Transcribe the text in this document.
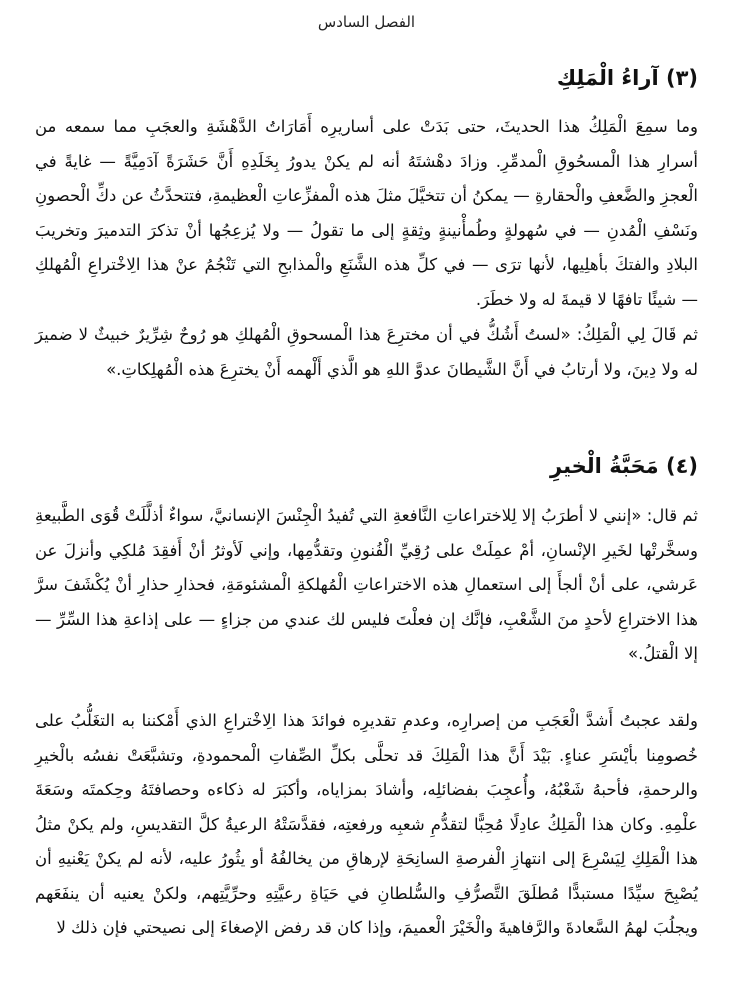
الفصل السادس
(٣) آراءُ الْمَلِكِ

وما سمِعَ الْمَلِكُ هذا الحديثَ، حتى بَدَتْ على أساريرِه أَمَارَاتُ الدَّهْشَةِ والعجَبِ مما سمعه من أسرارِ هذا الْمسحُوقِ الْمدمِّرِ. وزادَ دهْشتَهُ أنه لم يكنْ يدورُ بِخَلَدِهِ أَنَّ حَشَرَةً آدَمِيَّةً — غايةً في الْعجزِ والضَّعفِ والْحقارةِ — يمكنُ أن تتخيَّلَ مثلَ هذه الْمفزِّعاتِ الْعظيمةِ، فتتحدَّثُ عن دكِّ الْحصونِ ونَسْفِ الْمُدنِ — في سُهولةٍ وطُمأْنينةٍ وثِقةٍ إلى ما تقولُ — ولا يُزعِجُها أنْ تذكرَ التدميرَ وتخريبَ البلادِ والفتكَ بأهلِيها، لأنها ترَى — في كلِّ هذه الشَّنَعِ والْمذابحِ التي تَنْجُمُ عنْ هذا الِاخْتراعِ الْمُهلكِ — شيئًا تافهًا لا قيمةَ له ولا خطَرَ.

ثم قَالَ لِي الْمَلِكُ: «لستُ أَشُكُّ في أن مخترِعَ هذا الْمسحوقِ الْمُهلكِ هو رُوحٌ شِرِّيرٌ خبيثٌ لا ضميرَ له ولا دِينَ، ولا أرتابُ في أَنَّ الشَّيطانَ عدوَّ اللهِ هو الَّذي أَلْهمه أَنْ يخترِعَ هذه الْمُهلِكاتِ.»

(٤) مَحَبَّةُ الْخيرِ

ثم قال: «إنني لا أطرَبُ إلا لِلاختراعاتِ النَّافعةِ التي تُفيدُ الْجِنْسَ الإنسانيَّ، سواءٌ أذلَّلَتْ قُوَى الطَّبيعةِ وسخَّرتْها لخَيرِ الإنْسانِ، أمْ عمِلَتْ على رُقِيِّ الْفُنونِ وتقدُّمِها، وإني لَأوثرُ أنْ أَفقِدَ مُلكِي وأنزلَ عن عَرشي، على أنْ ألجأَ إلى استعمالِ هذه الاختراعاتِ الْمُهلكةِ الْمشئومَةِ، فحذارِ حذارِ أنْ يُكْشَفَ سرَّ هذا الاختراعِ لأحدٍ منَ الشَّعْبِ، فإنَّك إن فعلْتَ فليس لك عندي من جزاءٍ — على إذاعةِ هذا السِّرِّ — إلا الْقتلُ.»

ولقد عجبتُ أَشدَّ الْعَجَبِ من إصرارِه، وعدمِ تقديرِه فوائدَ هذا الِاخْتراعِ الذي أَمْكننا به التغَلُّبُ على خُصومِنا بأيْسَرِ عناءٍ. بَيْدَ أَنَّ هذا الْمَلِكَ قد تحلَّى بكلِّ الصِّفاتِ الْمحمودةِ، وتشبَّعَتْ نفسُه بالْخيرِ والرحمةِ، فأحبهُ شَعْبُهُ، وأُعجِبَ بفضائلِه، وأشادَ بمزاياه، وأكبَرَ له ذكاءه وحصافتَهُ وحِكمتَه وسَعَةَ علْمِهِ. وكان هذا الْمَلِكُ عادِلًا مُحِبًّا لتقدُّمِ شعبِه ورفعتِه، فقدَّسَتْهُ الرعيةُ كلَّ التقديسِ، ولم يكنْ مثلُ هذا الْمَلِكِ لِيَسْرِعَ إلى انتهازِ الْفرصةِ السانِحَةِ لإرهاقِ من يخالفُهُ أو يثُورُ عليه، لأنه لم يكنْ يَعْنيهِ أن يُصْبِحَ سيِّدًا مستبدًّا مُطلَقَ التَّصرُّفِ والسُّلطانِ في حَيَاةِ رعيَّتِهِ وحرِّيَّتِهم، ولكنْ يعنيه أن ينفَعَهم ويجلُبَ لهمُ السَّعادةَ والرَّفاهيةَ والْخَيْرَ الْعميمَ، وإذا كان قد رفض الإصغاءَ إلى نصيحتي فإن ذلك لا
